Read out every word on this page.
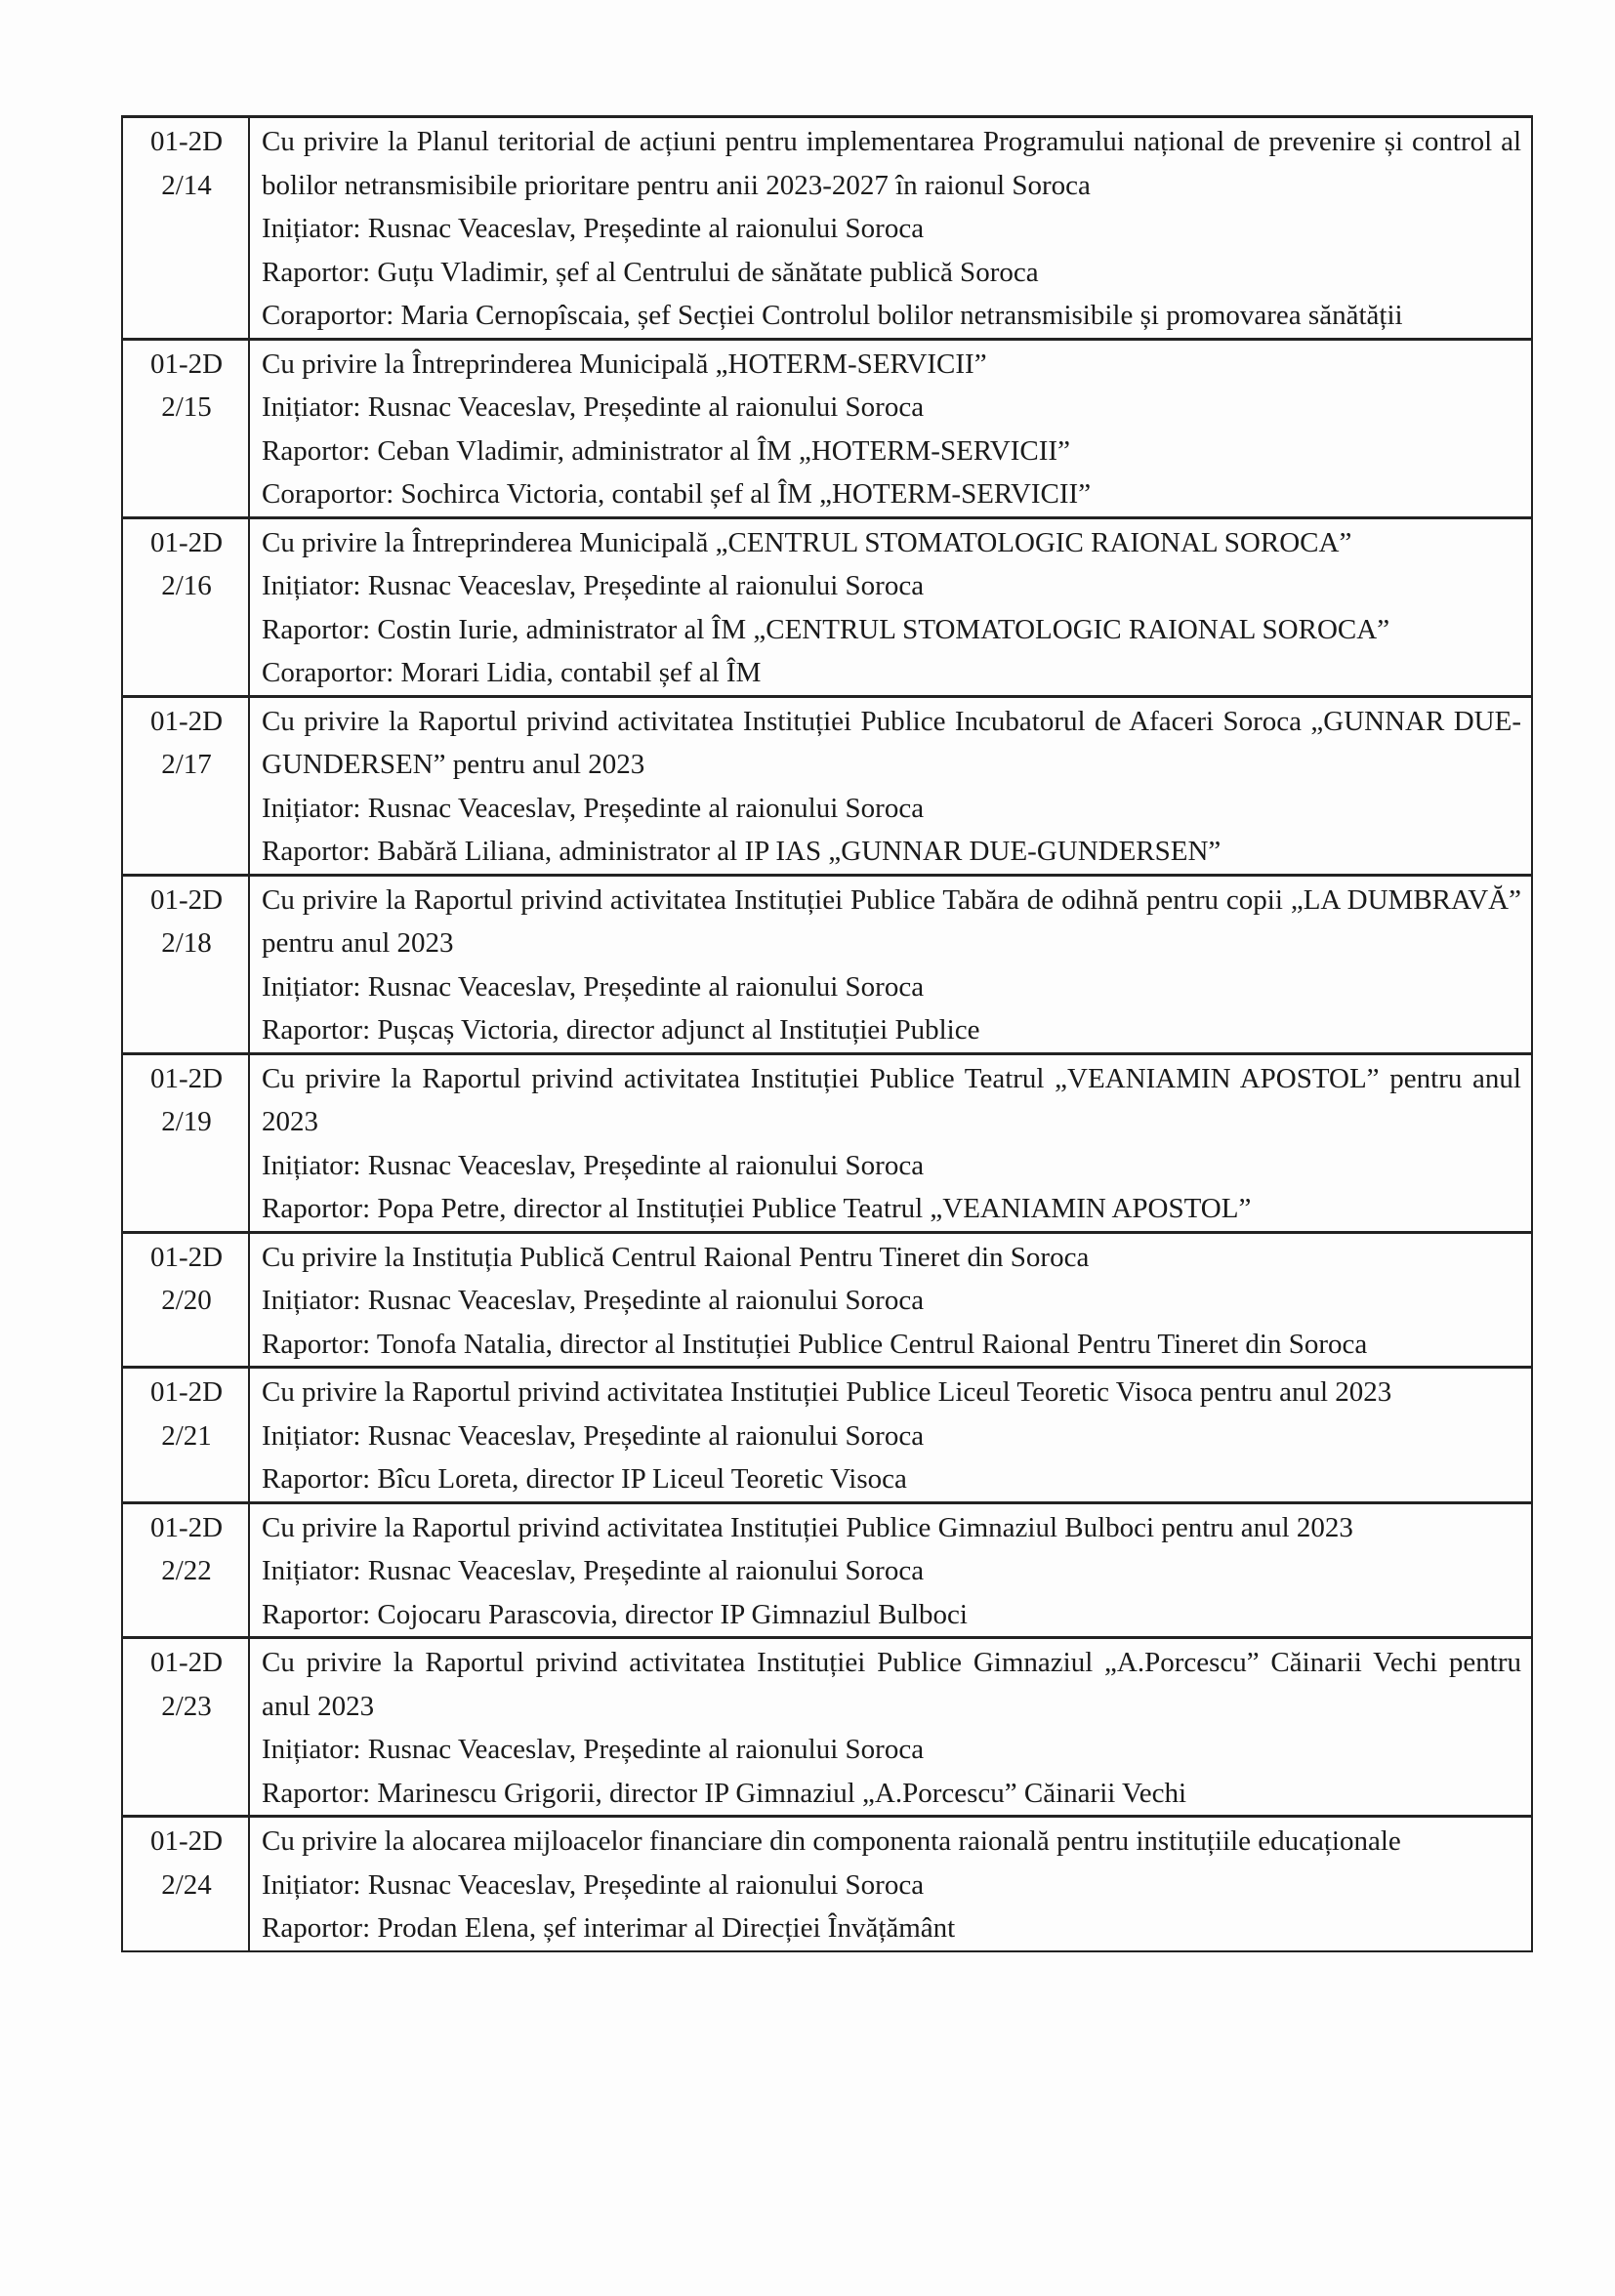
01-2D
2/14	Cu privire la Planul teritorial de acțiuni pentru implementarea Programului național de prevenire și control al bolilor netransmisibile prioritare pentru anii 2023-2027 în raionul Soroca
Inițiator: Rusnac Veaceslav, Președinte al raionului Soroca
Raportor: Guțu Vladimir, șef al Centrului de sănătate publică Soroca
Coraportor: Maria Cernopîscaia, șef Secției Controlul bolilor netransmisibile și promovarea sănătății

01-2D
2/15	Cu privire la Întreprinderea Municipală „HOTERM-SERVICII”
Inițiator: Rusnac Veaceslav, Președinte al raionului Soroca
Raportor: Ceban Vladimir, administrator al ÎM „HOTERM-SERVICII”
Coraportor: Sochirca Victoria, contabil șef al ÎM „HOTERM-SERVICII”

01-2D
2/16	Cu privire la Întreprinderea Municipală „CENTRUL STOMATOLOGIC RAIONAL SOROCA”
Inițiator: Rusnac Veaceslav, Președinte al raionului Soroca
Raportor: Costin Iurie, administrator al ÎM „CENTRUL STOMATOLOGIC RAIONAL SOROCA”
Coraportor: Morari Lidia, contabil șef al ÎM

01-2D
2/17	Cu privire la Raportul privind activitatea Instituției Publice Incubatorul de Afaceri Soroca „GUNNAR DUE-GUNDERSEN” pentru anul 2023
Inițiator: Rusnac Veaceslav, Președinte al raionului Soroca
Raportor: Babără Liliana, administrator al IP IAS „GUNNAR DUE-GUNDERSEN”

01-2D
2/18	Cu privire la Raportul privind activitatea Instituției Publice Tabăra de odihnă pentru copii „LA DUMBRAVĂ” pentru anul 2023
Inițiator: Rusnac Veaceslav, Președinte al raionului Soroca
Raportor: Pușcaș Victoria, director adjunct al Instituției Publice

01-2D
2/19	Cu privire la Raportul privind activitatea Instituției Publice Teatrul „VEANIAMIN APOSTOL” pentru anul 2023
Inițiator: Rusnac Veaceslav, Președinte al raionului Soroca
Raportor: Popa Petre, director al Instituției Publice Teatrul „VEANIAMIN APOSTOL”

01-2D
2/20	Cu privire la Instituția Publică Centrul Raional Pentru Tineret din Soroca
Inițiator: Rusnac Veaceslav, Președinte al raionului Soroca
Raportor: Tonofa Natalia, director al Instituției Publice Centrul Raional Pentru Tineret din Soroca

01-2D
2/21	Cu privire la Raportul privind activitatea Instituției Publice Liceul Teoretic Visoca pentru anul 2023
Inițiator: Rusnac Veaceslav, Președinte al raionului Soroca
Raportor: Bîcu Loreta, director IP Liceul Teoretic Visoca

01-2D
2/22	Cu privire la Raportul privind activitatea Instituției Publice Gimnaziul Bulboci pentru anul 2023
Inițiator: Rusnac Veaceslav, Președinte al raionului Soroca
Raportor: Cojocaru Parascovia, director IP Gimnaziul Bulboci

01-2D
2/23	Cu privire la Raportul privind activitatea Instituției Publice Gimnaziul „A.Porcescu” Căinarii Vechi pentru anul 2023
Inițiator: Rusnac Veaceslav, Președinte al raionului Soroca
Raportor: Marinescu Grigorii, director IP Gimnaziul „A.Porcescu” Căinarii Vechi

01-2D
2/24	Cu privire la alocarea mijloacelor financiare din componenta raională pentru instituțiile educaționale
Inițiator: Rusnac Veaceslav, Președinte al raionului Soroca
Raportor: Prodan Elena, șef interimar al Direcției Învățământ
